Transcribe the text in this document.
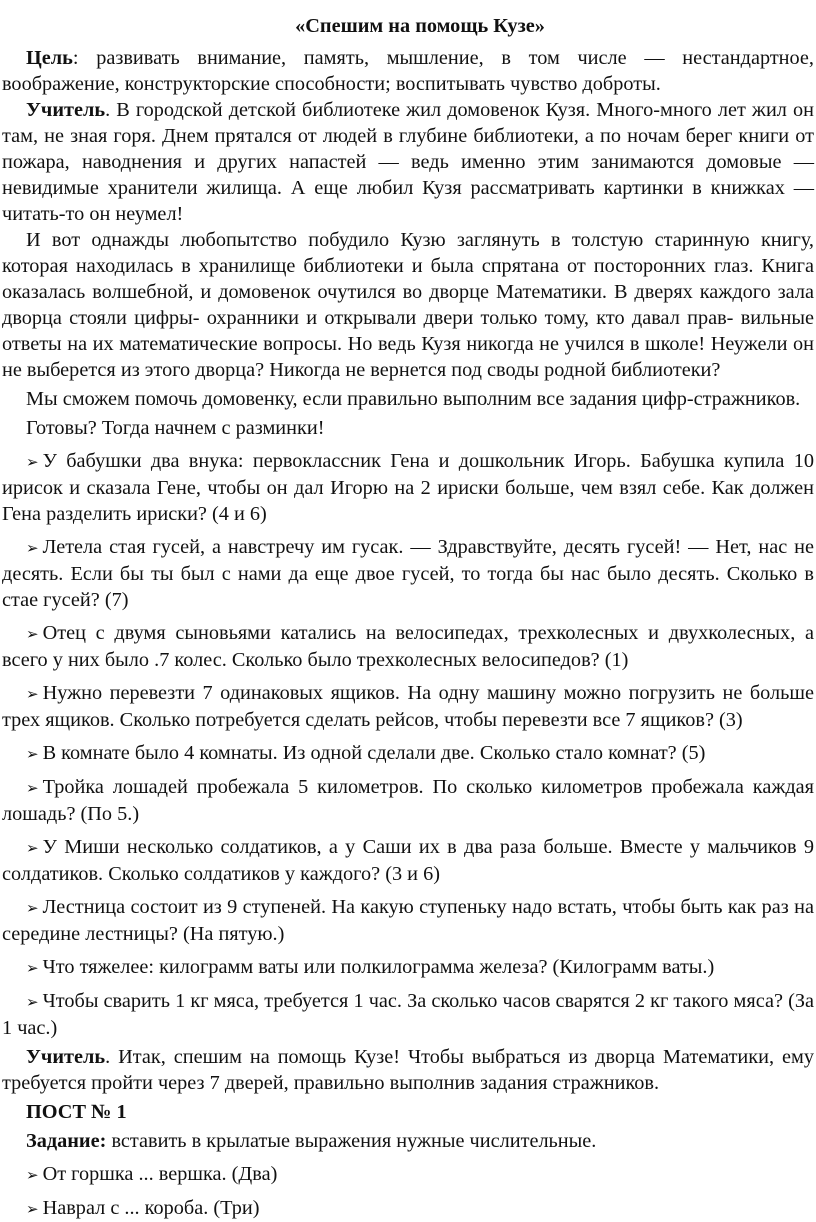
«Спешим на помощь Кузе»

Цель: развивать внимание, память, мышление, в том числе — нестандартное, воображение, конструкторские способности; воспитывать чувство доброты.

Учитель. В городской детской библиотеке жил домовенок Кузя. Много-много лет жил он там, не зная горя. Днем прятался от людей в глубине библиотеки, а по ночам берег книги от пожара, наводнения и других напастей — ведь именно этим занимаются домовые — невидимые хранители жилища. А еще любил Кузя рассматривать картинки в книжках — читать-то он неумел!

И вот однажды любопытство побудило Кузю заглянуть в толстую старинную книгу, которая находилась в хранилище библиотеки и была спрятана от посторонних глаз. Книга оказалась волшебной, и домовенок очутился во дворце Математики. В дверях каждого зала дворца стояли цифры- охранники и открывали двери только тому, кто давал прав- вильные ответы на их математические вопросы. Но ведь Кузя никогда не учился в школе! Неужели он не выберется из этого дворца? Никогда не вернется под своды родной библиотеки?

Мы сможем помочь домовенку, если правильно выполним все задания цифр-стражников.

Готовы? Тогда начнем с разминки!

➢ У бабушки два внука: первоклассник Гена и дошкольник Игорь. Бабушка купила 10 ирисок и сказала Гене, чтобы он дал Игорю на 2 ириски больше, чем взял себе. Как должен Гена разделить ириски? (4 и 6)

➢ Летела стая гусей, а навстречу им гусак. — Здравствуйте, десять гусей! — Нет, нас не десять. Если бы ты был с нами да еще двое гусей, то тогда бы нас было десять. Сколько в стае гусей? (7)

➢ Отец с двумя сыновьями катались на велосипедах, трехколесных и двухколесных, а всего у них было .7 колес. Сколько было трехколесных велосипедов? (1)

➢ Нужно перевезти 7 одинаковых ящиков. На одну машину можно погрузить не больше трех ящиков. Сколько потребуется сделать рейсов, чтобы перевезти все 7 ящиков? (3)

➢ В комнате было 4 комнаты. Из одной сделали две. Сколько стало комнат? (5)

➢ Тройка лошадей пробежала 5 километров. По сколько километров пробежала каждая лошадь? (По 5.)

➢ У Миши несколько солдатиков, а у Саши их в два раза больше. Вместе у мальчиков 9 солдатиков. Сколько солдатиков у каждого? (3 и 6)

➢ Лестница состоит из 9 ступеней. На какую ступеньку надо встать, чтобы быть как раз на середине лестницы? (На пятую.)

➢ Что тяжелее: килограмм ваты или полкилограмма железа? (Килограмм ваты.)

➢ Чтобы сварить 1 кг мяса, требуется 1 час. За сколько часов сварятся 2 кг такого мяса? (За 1 час.)

Учитель. Итак, спешим на помощь Кузе! Чтобы выбраться из дворца Математики, ему требуется пройти через 7 дверей, правильно выполнив задания стражников.

ПОСТ № 1

Задание: вставить в крылатые выражения нужные числительные.

➢ От горшка ... вершка. (Два)

➢ Наврал с ... короба. (Три)
